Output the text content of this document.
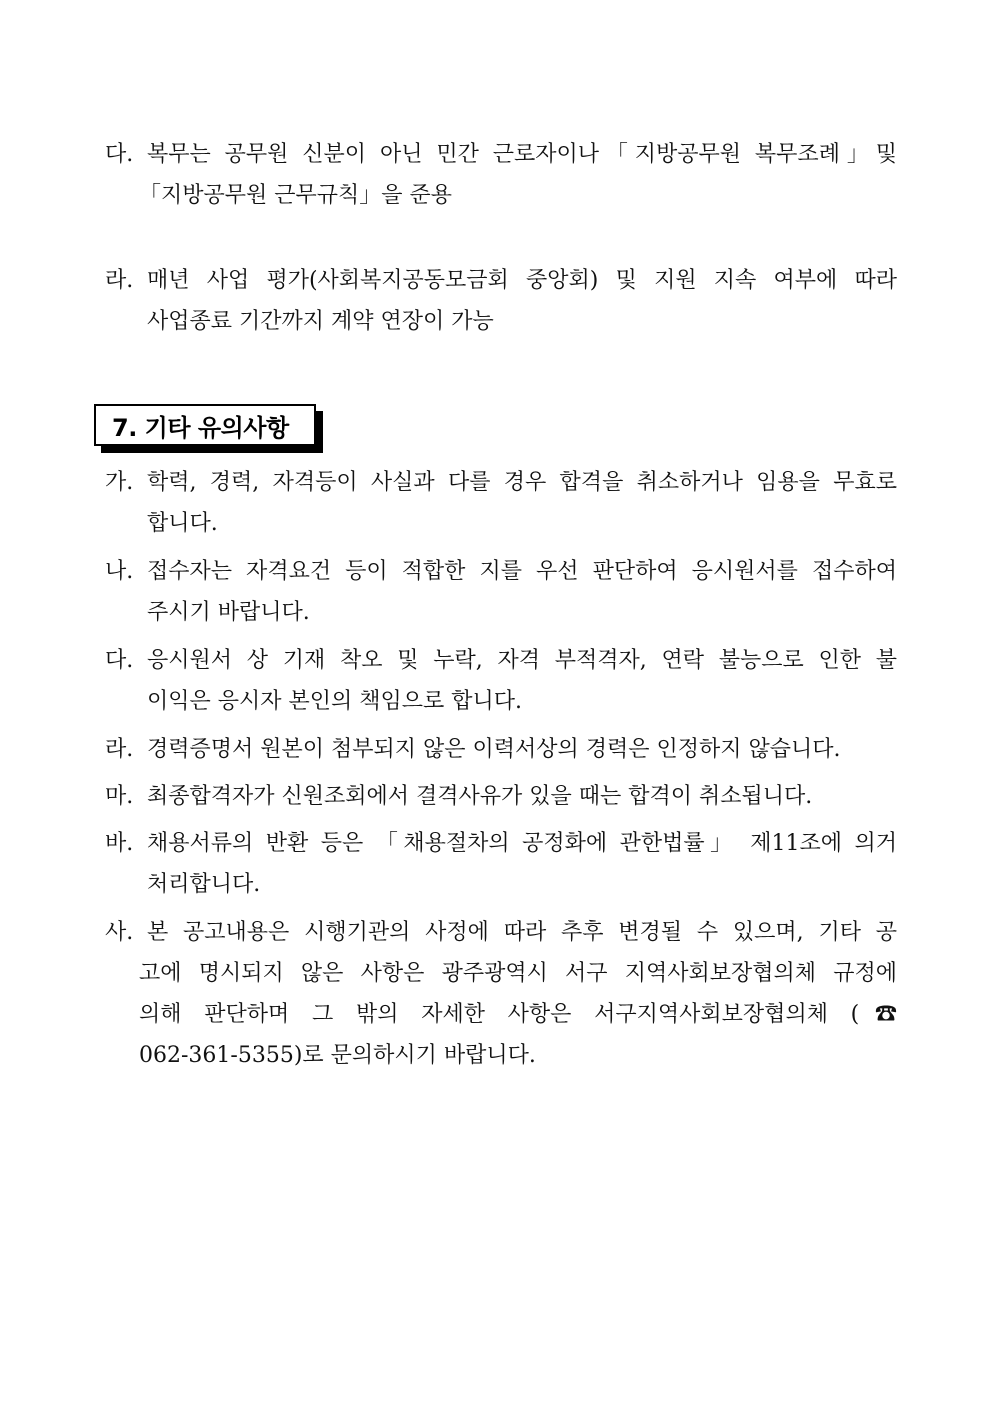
다. 복무는 공무원 신분이 아닌 민간 근로자이나「지방공무원 복무조례」및
「지방공무원 근무규칙」을 준용
라. 매년 사업 평가(사회복지공동모금회 중앙회) 및 지원 지속 여부에 따라
사업종료 기간까지 계약 연장이 가능
7. 기타 유의사항
가. 학력, 경력, 자격등이 사실과 다를 경우 합격을 취소하거나 임용을 무효로
합니다.
나. 접수자는 자격요건 등이 적합한 지를 우선 판단하여 응시원서를 접수하여
주시기 바랍니다.
다. 응시원서 상 기재 착오 및 누락, 자격 부적격자, 연락 불능으로 인한 불
이익은 응시자 본인의 책임으로 합니다.
라. 경력증명서 원본이 첨부되지 않은 이력서상의 경력은 인정하지 않습니다.
마. 최종합격자가 신원조회에서 결격사유가 있을 때는 합격이 취소됩니다.
바. 채용서류의 반환 등은 「채용절차의 공정화에 관한법률」 제11조에 의거
처리합니다.
사. 본 공고내용은 시행기관의 사정에 따라 추후 변경될 수 있으며, 기타 공
고에 명시되지 않은 사항은 광주광역시 서구 지역사회보장협의체 규정에
의해 판단하며 그 밖의 자세한 사항은 서구지역사회보장협의체 (☎
062-361-5355)로 문의하시기 바랍니다.
